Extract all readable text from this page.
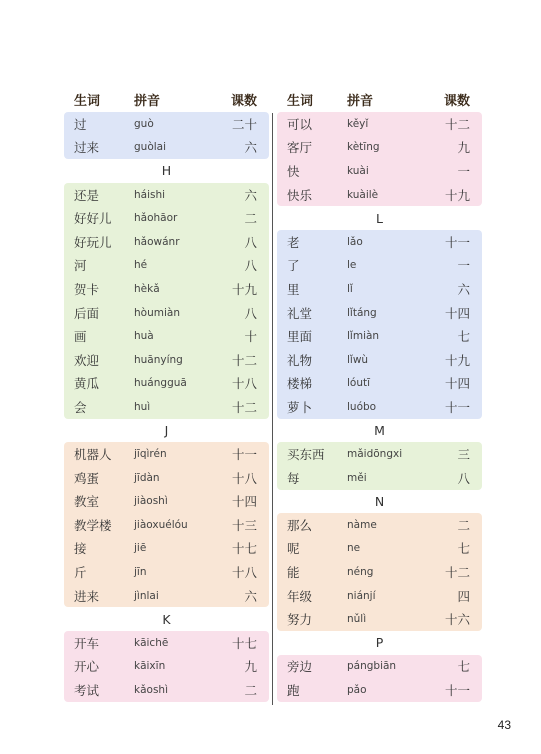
生词	拼音	课数
过	guò	二十
过来	guòlai	六
H
还是	háishi	六
好好儿	hǎohāor	二
好玩儿	hǎowánr	八
河	hé	八
贺卡	hèkǎ	十九
后面	hòumiàn	八
画	huà	十
欢迎	huānyíng	十二
黄瓜	huángguā	十八
会	huì	十二
J
机器人	jīqìrén	十一
鸡蛋	jīdàn	十八
教室	jiàoshì	十四
教学楼	jiàoxuélóu	十三
接	jiē	十七
斤	jīn	十八
进来	jìnlai	六
K
开车	kāichē	十七
开心	kāixīn	九
考试	kǎoshì	二
生词	拼音	课数
可以	kěyǐ	十二
客厅	kètīng	九
快	kuài	一
快乐	kuàilè	十九
L
老	lǎo	十一
了	le	一
里	lǐ	六
礼堂	lǐtáng	十四
里面	lǐmiàn	七
礼物	lǐwù	十九
楼梯	lóutī	十四
萝卜	luóbo	十一
M
买东西	mǎidōngxi	三
每	měi	八
N
那么	nàme	二
呢	ne	七
能	néng	十二
年级	niánjí	四
努力	nǔlì	十六
P
旁边	pángbiān	七
跑	pǎo	十一
43
